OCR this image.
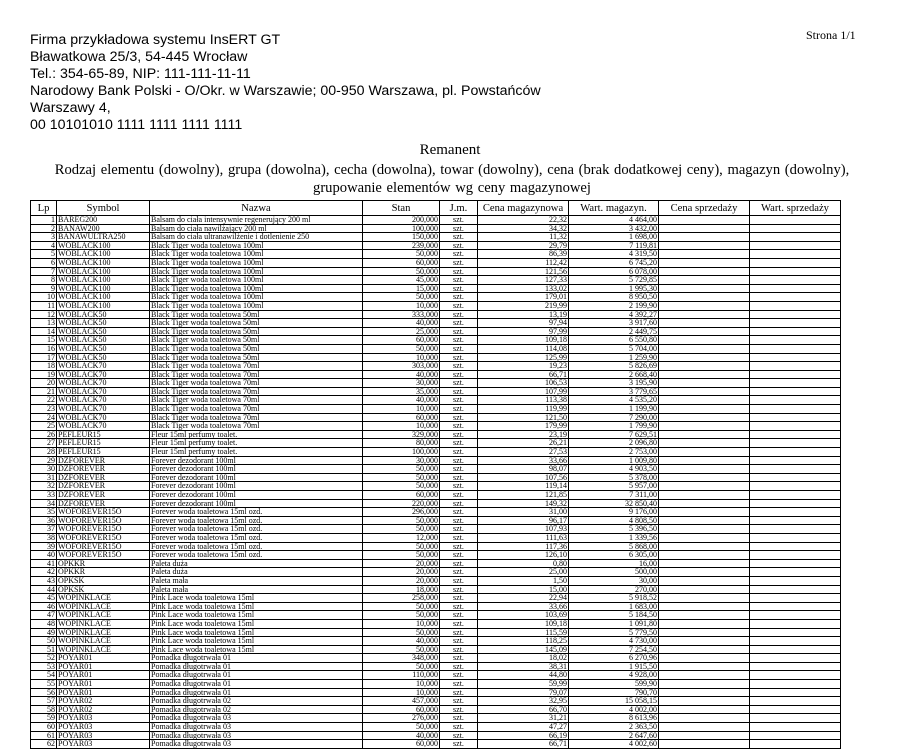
Strona 1/1
Firma przykładowa systemu InsERT GT
Bławatkowa 25/3, 54-445 Wrocław
Tel.: 354-65-89, NIP: 111-111-11-11
Narodowy Bank Polski - O/Okr. w Warszawie; 00-950 Warszawa, pl. Powstańców
Warszawy 4,
00 10101010 1111 1111 1111 1111
Remanent
Rodzaj elementu (dowolny), grupa (dowolna), cecha (dowolna), towar (dowolny), cena (brak dodatkowej ceny), magazyn (dowolny), grupowanie elementów wg ceny magazynowej
Lp	Symbol	Nazwa	Stan	J.m.	Cena magazynowa	Wart. magazyn.	Cena sprzedaży	Wart. sprzedaży
1	BAREG200	Balsam do ciała intensywnie regenerujący 200 ml	200,000	szt.	22,32	4 464,00		
2	BANAW200	Balsam do ciała nawilżający 200 ml	100,000	szt.	34,32	3 432,00		
3	BANAWULTRA250	Balsam do ciała ultranawilżenie i dotlenienie 250	150,000	szt.	11,32	1 698,00		
4	WOBLACK100	Black Tiger woda toaletowa 100ml	239,000	szt.	29,79	7 119,81		
5	WOBLACK100	Black Tiger woda toaletowa 100ml	50,000	szt.	86,39	4 319,50		
6	WOBLACK100	Black Tiger woda toaletowa 100ml	60,000	szt.	112,42	6 745,20		
7	WOBLACK100	Black Tiger woda toaletowa 100ml	50,000	szt.	121,56	6 078,00		
8	WOBLACK100	Black Tiger woda toaletowa 100ml	45,000	szt.	127,33	5 729,85		
9	WOBLACK100	Black Tiger woda toaletowa 100ml	15,000	szt.	133,02	1 995,30		
10	WOBLACK100	Black Tiger woda toaletowa 100ml	50,000	szt.	179,01	8 950,50		
11	WOBLACK100	Black Tiger woda toaletowa 100ml	10,000	szt.	219,99	2 199,90		
12	WOBLACK50	Black Tiger woda toaletowa 50ml	333,000	szt.	13,19	4 392,27		
13	WOBLACK50	Black Tiger woda toaletowa 50ml	40,000	szt.	97,94	3 917,60		
14	WOBLACK50	Black Tiger woda toaletowa 50ml	25,000	szt.	97,99	2 449,75		
15	WOBLACK50	Black Tiger woda toaletowa 50ml	60,000	szt.	109,18	6 550,80		
16	WOBLACK50	Black Tiger woda toaletowa 50ml	50,000	szt.	114,08	5 704,00		
17	WOBLACK50	Black Tiger woda toaletowa 50ml	10,000	szt.	125,99	1 259,90		
18	WOBLACK70	Black Tiger woda toaletowa 70ml	303,000	szt.	19,23	5 826,69		
19	WOBLACK70	Black Tiger woda toaletowa 70ml	40,000	szt.	66,71	2 668,40		
20	WOBLACK70	Black Tiger woda toaletowa 70ml	30,000	szt.	106,53	3 195,90		
21	WOBLACK70	Black Tiger woda toaletowa 70ml	35,000	szt.	107,99	3 779,65		
22	WOBLACK70	Black Tiger woda toaletowa 70ml	40,000	szt.	113,38	4 535,20		
23	WOBLACK70	Black Tiger woda toaletowa 70ml	10,000	szt.	119,99	1 199,90		
24	WOBLACK70	Black Tiger woda toaletowa 70ml	60,000	szt.	121,50	7 290,00		
25	WOBLACK70	Black Tiger woda toaletowa 70ml	10,000	szt.	179,99	1 799,90		
26	PEFLEUR15	Fleur 15ml perfumy toalet.	329,000	szt.	23,19	7 629,51		
27	PEFLEUR15	Fleur 15ml perfumy toalet.	80,000	szt.	26,21	2 096,80		
28	PEFLEUR15	Fleur 15ml perfumy toalet.	100,000	szt.	27,53	2 753,00		
29	DZFOREVER	Forever dezodorant 100ml	30,000	szt.	33,66	1 009,80		
30	DZFOREVER	Forever dezodorant 100ml	50,000	szt.	98,07	4 903,50		
31	DZFOREVER	Forever dezodorant 100ml	50,000	szt.	107,56	5 378,00		
32	DZFOREVER	Forever dezodorant 100ml	50,000	szt.	119,14	5 957,00		
33	DZFOREVER	Forever dezodorant 100ml	60,000	szt.	121,85	7 311,00		
34	DZFOREVER	Forever dezodorant 100ml	220,000	szt.	149,32	32 850,40		
35	WOFOREVER15O	Forever woda toaletowa 15ml ozd.	296,000	szt.	31,00	9 176,00		
36	WOFOREVER15O	Forever woda toaletowa 15ml ozd.	50,000	szt.	96,17	4 808,50		
37	WOFOREVER15O	Forever woda toaletowa 15ml ozd.	50,000	szt.	107,93	5 396,50		
38	WOFOREVER15O	Forever woda toaletowa 15ml ozd.	12,000	szt.	111,63	1 339,56		
39	WOFOREVER15O	Forever woda toaletowa 15ml ozd.	50,000	szt.	117,36	5 868,00		
40	WOFOREVER15O	Forever woda toaletowa 15ml ozd.	50,000	szt.	126,10	6 305,00		
41	OPKKR	Paleta duża	20,000	szt.	0,80	16,00		
42	OPKKR	Paleta duża	20,000	szt.	25,00	500,00		
43	OPKSK	Paleta mała	20,000	szt.	1,50	30,00		
44	OPKSK	Paleta mała	18,000	szt.	15,00	270,00		
45	WOPINKLACE	Pink Lace woda toaletowa 15ml	258,000	szt.	22,94	5 918,52		
46	WOPINKLACE	Pink Lace woda toaletowa 15ml	50,000	szt.	33,66	1 683,00		
47	WOPINKLACE	Pink Lace woda toaletowa 15ml	50,000	szt.	103,69	5 184,50		
48	WOPINKLACE	Pink Lace woda toaletowa 15ml	10,000	szt.	109,18	1 091,80		
49	WOPINKLACE	Pink Lace woda toaletowa 15ml	50,000	szt.	115,59	5 779,50		
50	WOPINKLACE	Pink Lace woda toaletowa 15ml	40,000	szt.	118,25	4 730,00		
51	WOPINKLACE	Pink Lace woda toaletowa 15ml	50,000	szt.	145,09	7 254,50		
52	POYAR01	Pomadka długotrwała 01	348,000	szt.	18,02	6 270,96		
53	POYAR01	Pomadka długotrwała 01	50,000	szt.	38,31	1 915,50		
54	POYAR01	Pomadka długotrwała 01	110,000	szt.	44,80	4 928,00		
55	POYAR01	Pomadka długotrwała 01	10,000	szt.	59,99	599,90		
56	POYAR01	Pomadka długotrwała 01	10,000	szt.	79,07	790,70		
57	POYAR02	Pomadka długotrwała 02	457,000	szt.	32,95	15 058,15		
58	POYAR02	Pomadka długotrwała 02	60,000	szt.	66,70	4 002,00		
59	POYAR03	Pomadka długotrwała 03	276,000	szt.	31,21	8 613,96		
60	POYAR03	Pomadka długotrwała 03	50,000	szt.	47,27	2 363,50		
61	POYAR03	Pomadka długotrwała 03	40,000	szt.	66,19	2 647,60		
62	POYAR03	Pomadka długotrwała 03	60,000	szt.	66,71	4 002,60		
